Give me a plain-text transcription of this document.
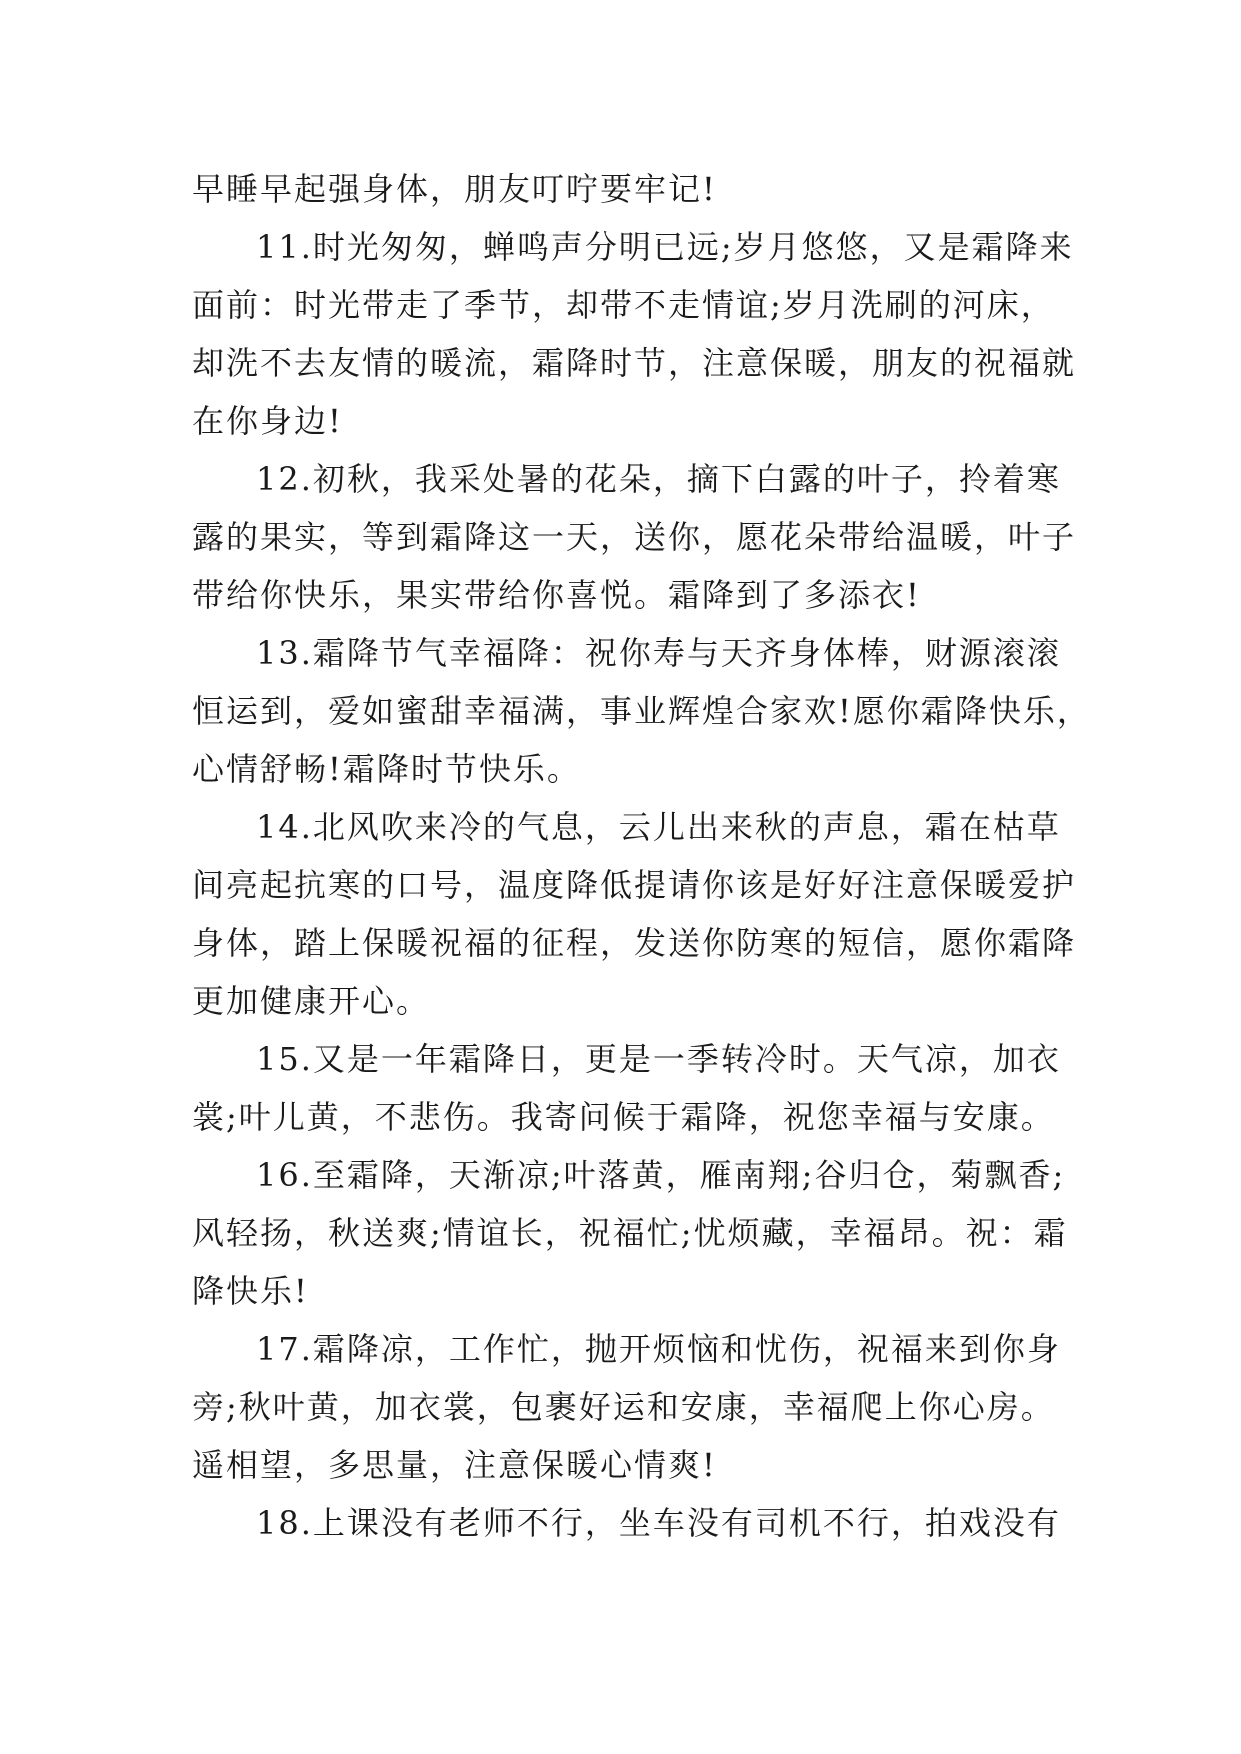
早睡早起强身体，朋友叮咛要牢记!
11.时光匆匆，蝉鸣声分明已远;岁月悠悠，又是霜降来
面前：时光带走了季节，却带不走情谊;岁月洗刷的河床，
却洗不去友情的暖流，霜降时节，注意保暖，朋友的祝福就
在你身边!
12.初秋，我采处暑的花朵，摘下白露的叶子，拎着寒
露的果实，等到霜降这一天，送你，愿花朵带给温暖，叶子
带给你快乐，果实带给你喜悦。霜降到了多添衣!
13.霜降节气幸福降：祝你寿与天齐身体棒，财源滚滚
恒运到，爱如蜜甜幸福满，事业辉煌合家欢!愿你霜降快乐，
心情舒畅!霜降时节快乐。
14.北风吹来冷的气息，云儿出来秋的声息，霜在枯草
间亮起抗寒的口号，温度降低提请你该是好好注意保暖爱护
身体，踏上保暖祝福的征程，发送你防寒的短信，愿你霜降
更加健康开心。
15.又是一年霜降日，更是一季转冷时。天气凉，加衣
裳;叶儿黄，不悲伤。我寄问候于霜降，祝您幸福与安康。
16.至霜降，天渐凉;叶落黄，雁南翔;谷归仓，菊飘香;
风轻扬，秋送爽;情谊长，祝福忙;忧烦藏，幸福昂。祝：霜
降快乐!
17.霜降凉，工作忙，抛开烦恼和忧伤，祝福来到你身
旁;秋叶黄，加衣裳，包裹好运和安康，幸福爬上你心房。
遥相望，多思量，注意保暖心情爽!
18.上课没有老师不行，坐车没有司机不行，拍戏没有
